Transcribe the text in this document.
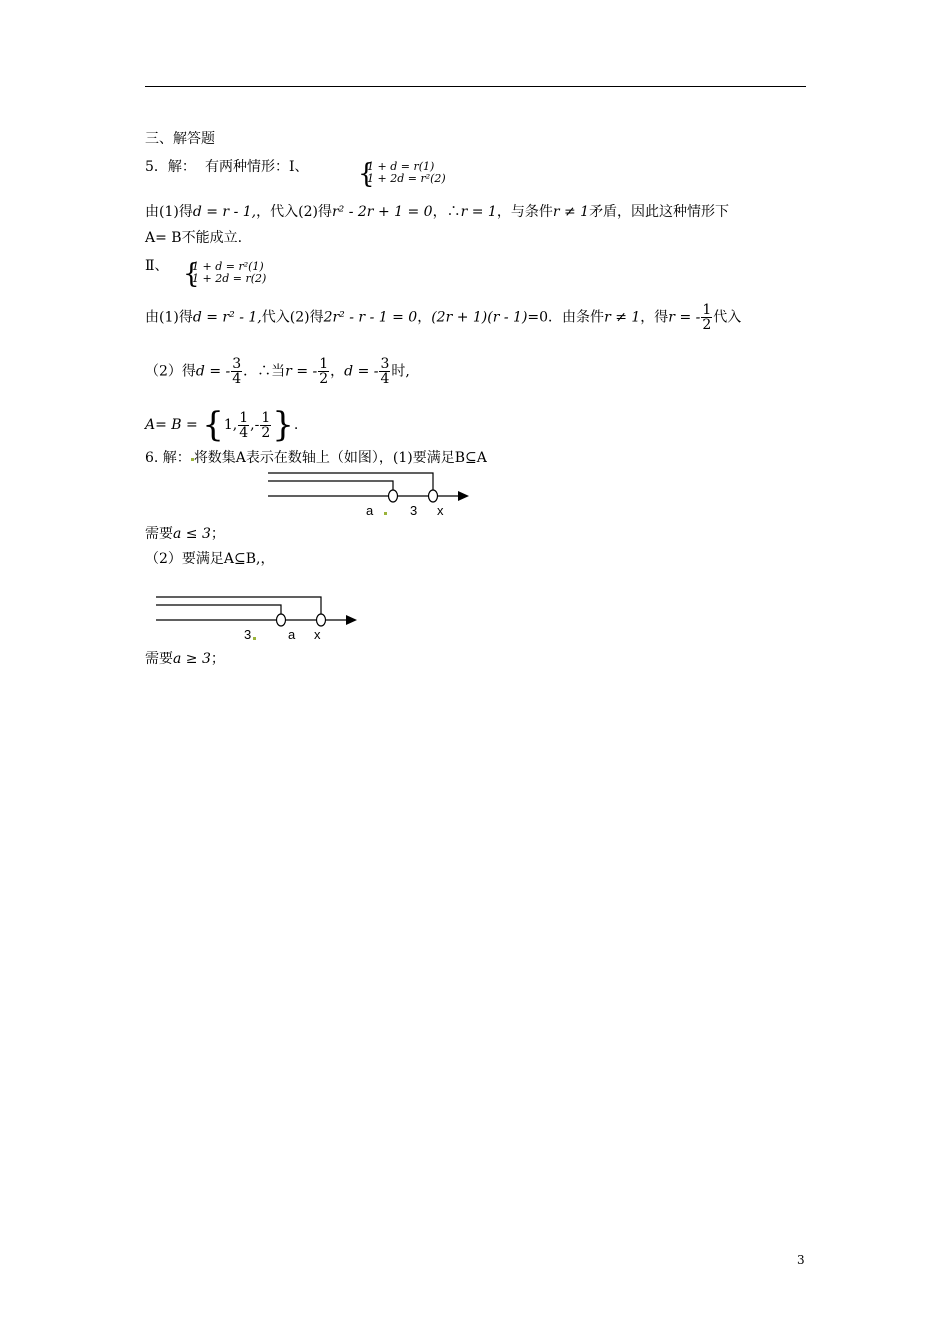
三、解答题
5．解： 有两种情形：Ⅰ、 {
1 + d = r(1)
1 + 2d = r²(2)
由(1)得d = r - 1,，代入(2)得r² - 2r + 1 = 0，∴r = 1，与条件r ≠ 1矛盾，因此这种情形下
A= B不能成立.
Ⅱ、 {
1 + d = r²(1)
1 + 2d = r(2)
由(1)得d = r² - 1,代入(2)得2r² - r - 1 = 0，(2r + 1)(r - 1)=0．由条件r ≠ 1，得r = - $\frac{1}{2}$ 代入
（2）得d = - $\frac{3}{4}$ ．∴当r = - $\frac{1}{2}$ ，d = - $\frac{3}{4}$ 时,
A= B = {1, $\frac{1}{4}$ ,- $\frac{1}{2}$ }.
6. 解： 将数集A表示在数轴上（如图），(1)要满足B⊆A
a	3 x
需要a ≤ 3；
（2）要满足A⊆B,，
3	a x
需要a ≥ 3；
3
